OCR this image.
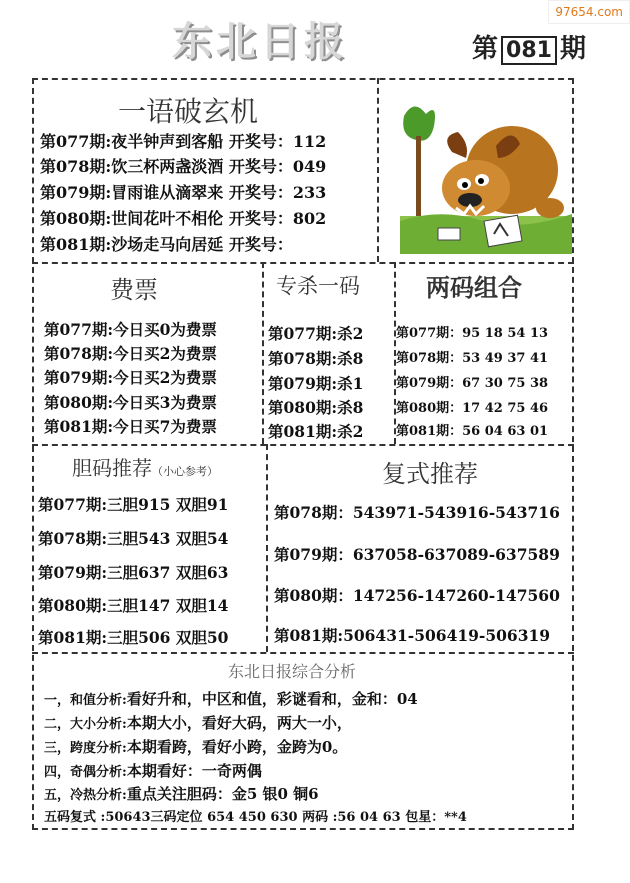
97654.com
东北日报	第 081 期
一语破玄机
第077期:夜半钟声到客船 开奖号：112
第078期:饮三杯两盏淡酒 开奖号：049
第079期:冒雨谁从滴翠来 开奖号：233
第080期:世间花叶不相伦 开奖号：802
第081期:沙场走马向居延 开奖号：
费票
第077期:今日买0为费票
第078期:今日买2为费票
第079期:今日买2为费票
第080期:今日买3为费票
第081期:今日买7为费票
专杀一码
第077期:杀2
第078期:杀8
第079期:杀1
第080期:杀8
第081期:杀2
两码组合
第077期：95 18 54 13
第078期：53 49 37 41
第079期：67 30 75 38
第080期：17 42 75 46
第081期：56 04 63 01
胆码推荐（小心参考）
第077期:三胆915 双胆91
第078期:三胆543 双胆54
第079期:三胆637 双胆63
第080期:三胆147 双胆14
第081期:三胆506 双胆50
复式推荐
第078期：543971-543916-543716
第079期：637058-637089-637589
第080期：147256-147260-147560
第081期:506431-506419-506319
东北日报综合分析
一，和值分析:看好升和，中区和值，彩谜看和，金和：04
二，大小分析:本期大小，看好大码，两大一小，
三，跨度分析:本期看跨，看好小跨，金跨为0。
四，奇偶分析:本期看好：一奇两偶
五，冷热分析:重点关注胆码：金5 银0 铜6
五码复式 :50643三码定位 654 450 630 两码 :56 04 63 包星：**4
